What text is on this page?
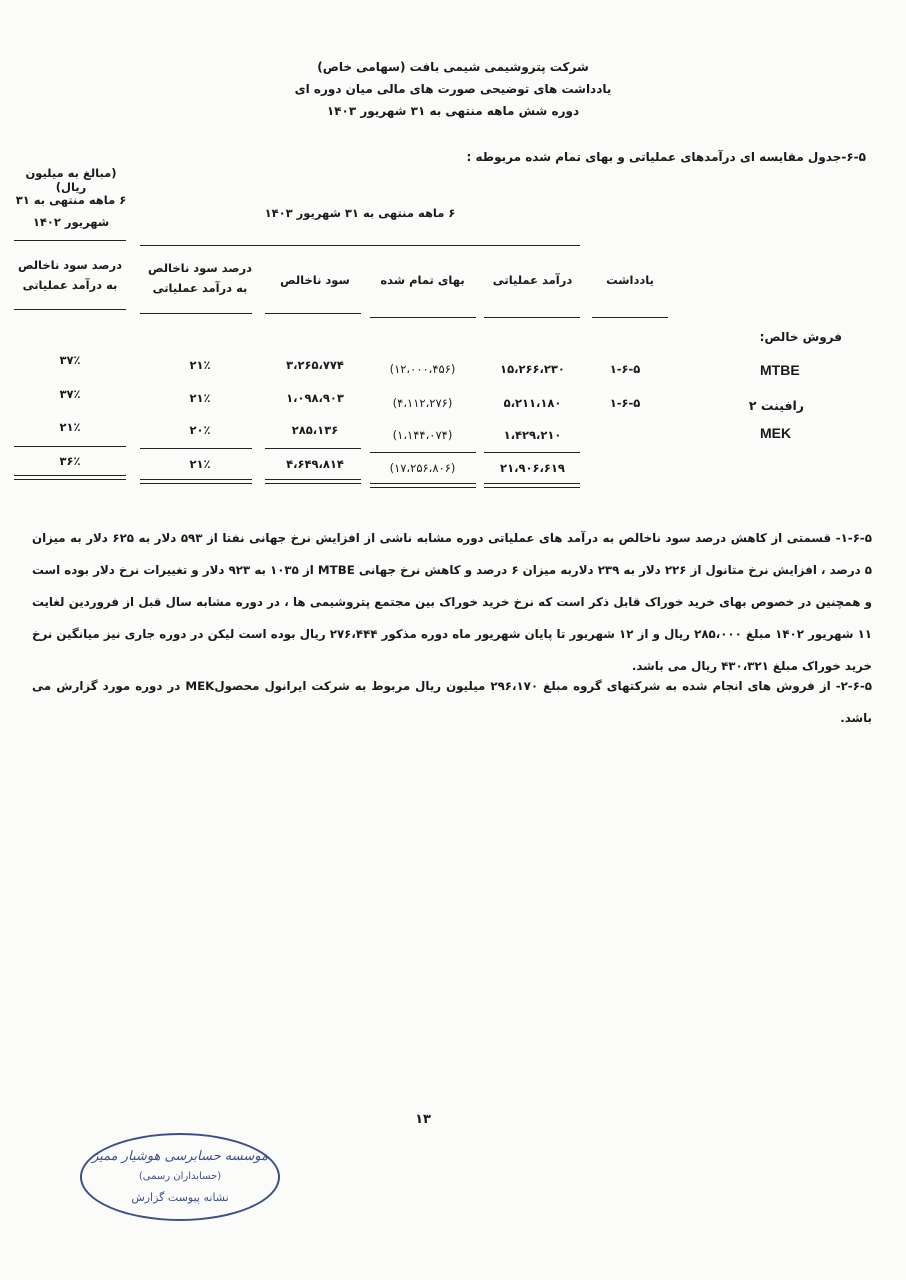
شرکت پتروشیمی شیمی بافت (سهامی خاص)
یادداشت های توضیحی صورت های مالی میان دوره ای
دوره شش ماهه منتهی به ۳۱ شهریور ۱۴۰۳
۶-۵-جدول مقایسه ای درآمدهای عملیاتی و بهای تمام شده مربوطه :
(مبالغ به میلیون ریال)
۶ ماهه منتهی به ۳۱ شهریور ۱۴۰۲
۶ ماهه منتهی به ۳۱ شهریور ۱۴۰۳
یادداشت
درآمد عملیاتی
بهای تمام شده
سود ناخالص
درصد سود ناخالص به درآمد عملیاتی
درصد سود ناخالص به درآمد عملیاتی
فروش خالص:
MTBE
۱-۶-۵
۱۵،۲۶۶،۲۳۰
(۱۲،۰۰۰،۴۵۶)
۳،۲۶۵،۷۷۴
۲۱٪
۳۷٪
رافینت ۲
۱-۶-۵
۵،۲۱۱،۱۸۰
(۴،۱۱۲،۲۷۶)
۱،۰۹۸،۹۰۳
۲۱٪
۳۷٪
MEK
۱،۴۲۹،۲۱۰
(۱،۱۴۴،۰۷۴)
۲۸۵،۱۳۶
۲۰٪
۲۱٪
۲۱،۹۰۶،۶۱۹
(۱۷،۲۵۶،۸۰۶)
۴،۶۴۹،۸۱۴
۲۱٪
۳۶٪
۱-۶-۵- قسمتی از کاهش درصد سود ناخالص به درآمد های عملیاتی دوره مشابه ناشی از افزایش نرخ جهانی نفتا از ۵۹۳ دلار به ۶۲۵ دلار به میزان ۵ درصد ، افزایش نرخ متانول از ۲۲۶ دلار به ۲۳۹ دلاربه میزان ۶ درصد و کاهش نرخ جهانی MTBE از ۱۰۳۵ به ۹۲۳ دلار و تغییرات نرخ دلار بوده است و همچنین در خصوص بهای خرید خوراک قابل ذکر است که نرخ خرید خوراک بین مجتمع پتروشیمی ها ، در دوره مشابه سال قبل از فروردین لغایت ۱۱ شهریور ۱۴۰۲ مبلغ ۲۸۵،۰۰۰ ریال و از ۱۲ شهریور تا پایان شهریور ماه دوره مذکور ۲۷۶،۴۴۴ ریال بوده است لیکن در دوره جاری نیز میانگین نرخ خرید خوراک مبلغ ۴۳۰،۳۲۱ ریال می باشد.
۲-۶-۵- از فروش های انجام شده به شرکتهای گروه مبلغ ۲۹۶،۱۷۰ میلیون ریال مربوط به شرکت ایرانول محصولMEK در دوره مورد گزارش می باشد.
۱۳
موسسه حسابرسی هوشیار ممیز
(حسابداران رسمی)
نشانه پیوست گزارش
